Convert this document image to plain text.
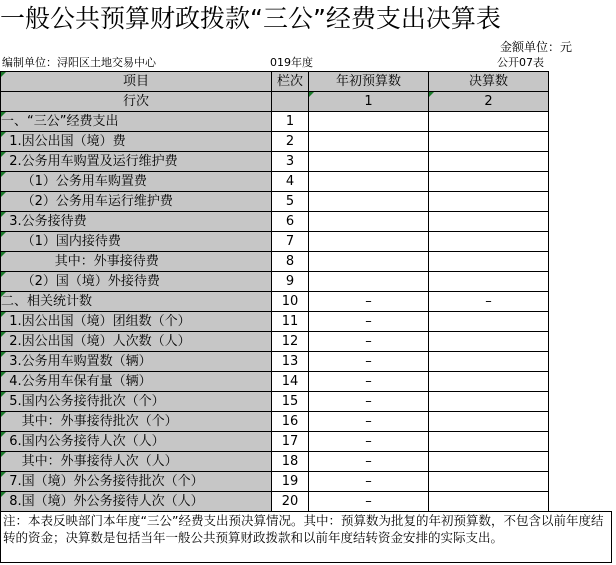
一般公共预算财政拨款“三公”经费支出决算表
金额单位：元
编制单位：浔阳区土地交易中心	019年度	公开07表
项目	栏次	年初预算数	决算数	
行次		1	2	

一、“三公”经费支出	1			

1.因公出国（境）费	2			

2.公务用车购置及运行维护费	3			

（1）公务用车购置费	4			

（2）公务用车运行维护费	5			

3.公务接待费	6			

（1）国内接待费	7			

其中：外事接待费	8			

（2）国（境）外接待费	9			

二、相关统计数	10	–	–	

1.因公出国（境）团组数（个）	11	–		

2.因公出国（境）人次数（人）	12	–		

3.公务用车购置数（辆）	13	–		

4.公务用车保有量（辆）	14	–		

5.国内公务接待批次（个）	15	–		

其中：外事接待批次（个）	16	–		

6.国内公务接待人次（人）	17	–		

其中：外事接待人次（人）	18	–		

7.国（境）外公务接待批次（个）	19	–		

8.国（境）外公务接待人次（人）	20	–		
注：本表反映部门本年度“三公”经费支出预决算情况。其中：预算数为批复的年初预算数，不包含以前年度结转的资金；决算数是包括当年一般公共预算财政拨款和以前年度结转资金安排的实际支出。
